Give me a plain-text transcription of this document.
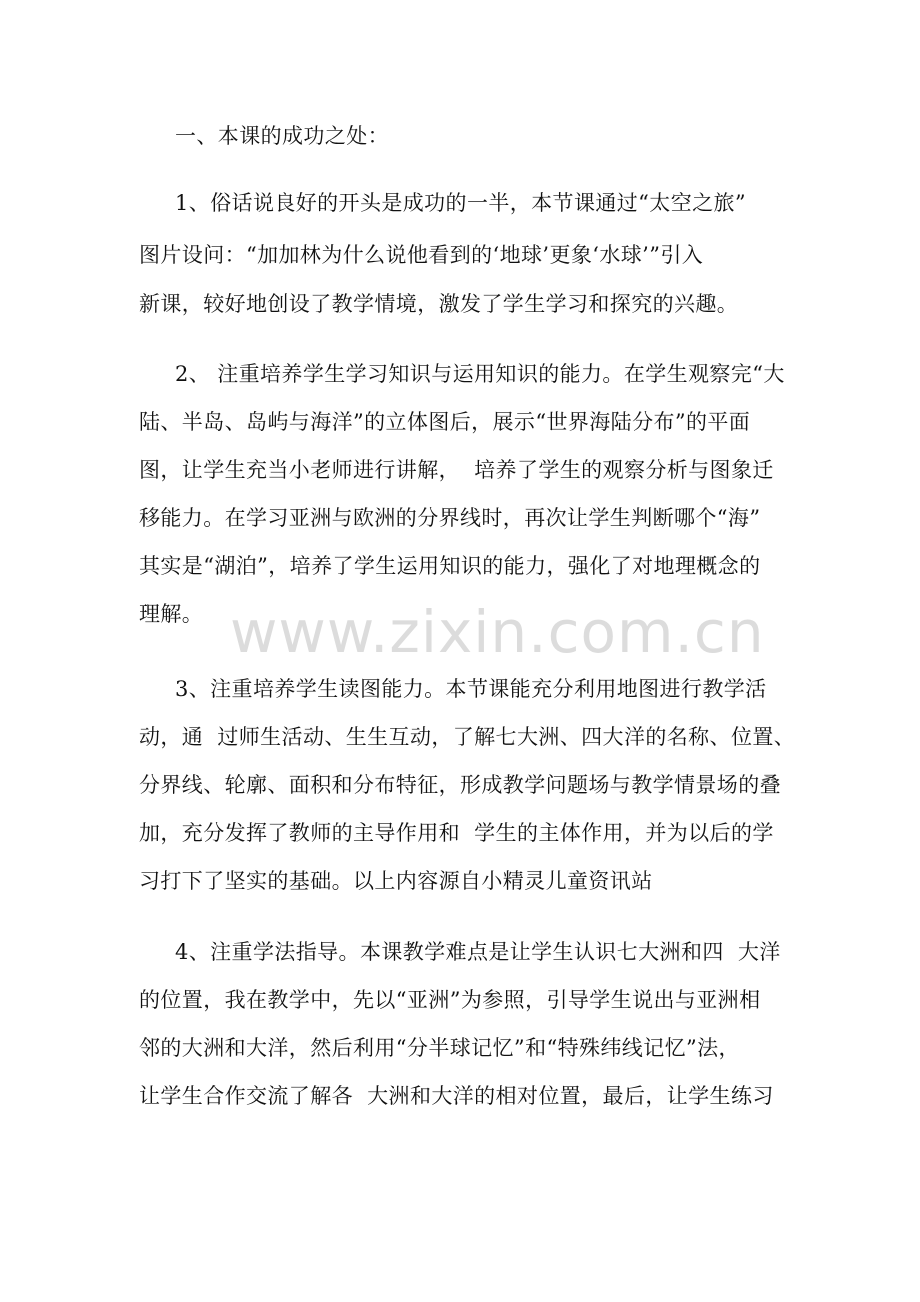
www.zixin.com.cn
一、本课的成功之处：
1、俗话说良好的开头是成功的一半，本节课通过“太空之旅”
图片设问：“加加林为什么说他看到的‘地球’更象‘水球’”引入
新课，较好地创设了教学情境，激发了学生学习和探究的兴趣。
2、 注重培养学生学习知识与运用知识的能力。在学生观察完“大
陆、半岛、岛屿与海洋”的立体图后，展示“世界海陆分布”的平面
图，让学生充当小老师进行讲解，  培养了学生的观察分析与图象迁
移能力。在学习亚洲与欧洲的分界线时，再次让学生判断哪个“海”
其实是“湖泊”，培养了学生运用知识的能力，强化了对地理概念的
理解。
3、注重培养学生读图能力。本节课能充分利用地图进行教学活
动，通  过师生活动、生生互动，了解七大洲、四大洋的名称、位置、
分界线、轮廓、面积和分布特征，形成教学问题场与教学情景场的叠
加，充分发挥了教师的主导作用和  学生的主体作用，并为以后的学
习打下了坚实的基础。以上内容源自小精灵儿童资讯站
4、注重学法指导。本课教学难点是让学生认识七大洲和四  大洋
的位置，我在教学中，先以“亚洲”为参照，引导学生说出与亚洲相
邻的大洲和大洋，然后利用“分半球记忆”和“特殊纬线记忆”法，
让学生合作交流了解各  大洲和大洋的相对位置，最后，让学生练习
